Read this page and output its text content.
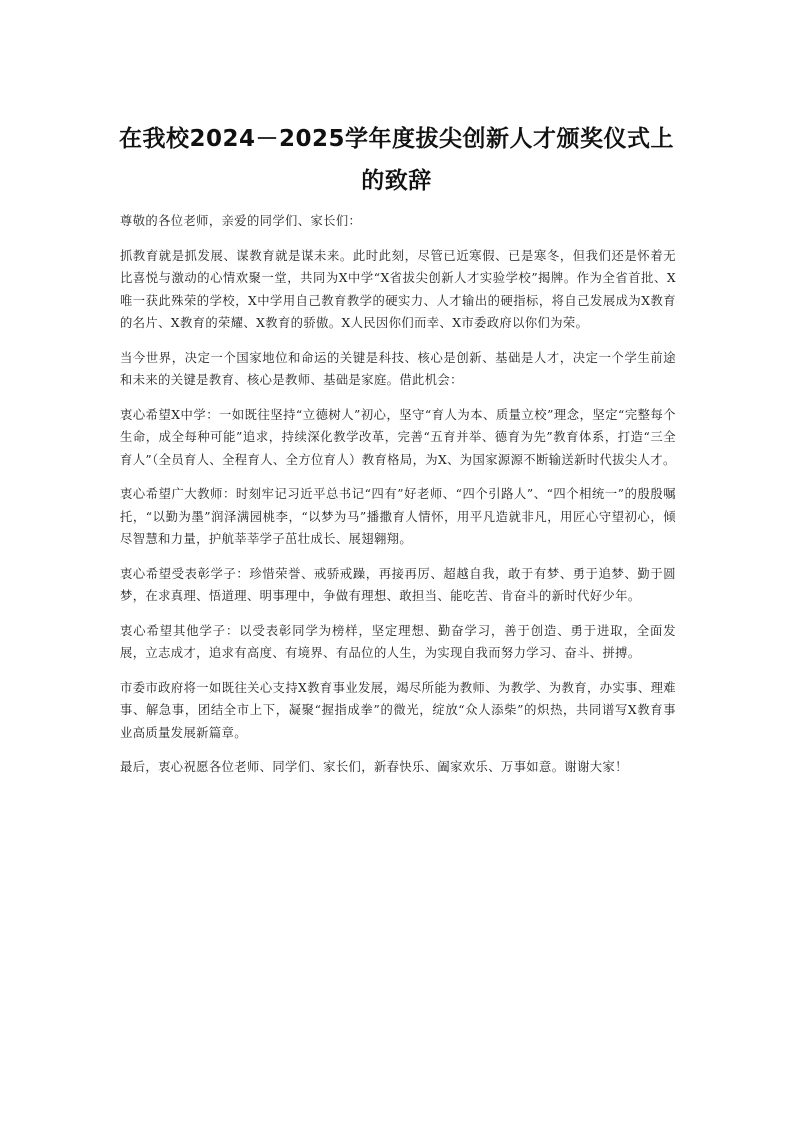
在我校2024－2025学年度拔尖创新人才颁奖仪式上的致辞

尊敬的各位老师，亲爱的同学们、家长们：

抓教育就是抓发展、谋教育就是谋未来。此时此刻，尽管已近寒假、已是寒冬，但我们还是怀着无比喜悦与激动的心情欢聚一堂，共同为X中学“X省拔尖创新人才实验学校”揭牌。作为全省首批、X唯一获此殊荣的学校，X中学用自己教育教学的硬实力、人才输出的硬指标，将自己发展成为X教育的名片、X教育的荣耀、X教育的骄傲。X人民因你们而幸、X市委政府以你们为荣。

当今世界，决定一个国家地位和命运的关键是科技、核心是创新、基础是人才，决定一个学生前途和未来的关键是教育、核心是教师、基础是家庭。借此机会：

衷心希望X中学：一如既往坚持“立德树人”初心，坚守“育人为本、质量立校”理念，坚定“完整每个生命，成全每种可能”追求，持续深化教学改革，完善“五育并举、德育为先”教育体系，打造“三全育人”（全员育人、全程育人、全方位育人）教育格局，为X、为国家源源不断输送新时代拔尖人才。

衷心希望广大教师：时刻牢记习近平总书记“四有”好老师、“四个引路人”、“四个相统一”的殷殷嘱托，“以勤为墨”润泽满园桃李，“以梦为马”播撒育人情怀，用平凡造就非凡，用匠心守望初心，倾尽智慧和力量，护航莘莘学子茁壮成长、展翅翱翔。

衷心希望受表彰学子：珍惜荣誉、戒骄戒躁，再接再厉、超越自我，敢于有梦、勇于追梦、勤于圆梦，在求真理、悟道理、明事理中，争做有理想、敢担当、能吃苦、肯奋斗的新时代好少年。

衷心希望其他学子：以受表彰同学为榜样，坚定理想、勤奋学习，善于创造、勇于进取，全面发展，立志成才，追求有高度、有境界、有品位的人生，为实现自我而努力学习、奋斗、拼搏。

市委市政府将一如既往关心支持X教育事业发展，竭尽所能为教师、为教学、为教育，办实事、理难事、解急事，团结全市上下，凝聚“握指成拳”的微光，绽放“众人添柴”的炽热，共同谱写X教育事业高质量发展新篇章。

最后，衷心祝愿各位老师、同学们、家长们，新春快乐、阖家欢乐、万事如意。谢谢大家！
